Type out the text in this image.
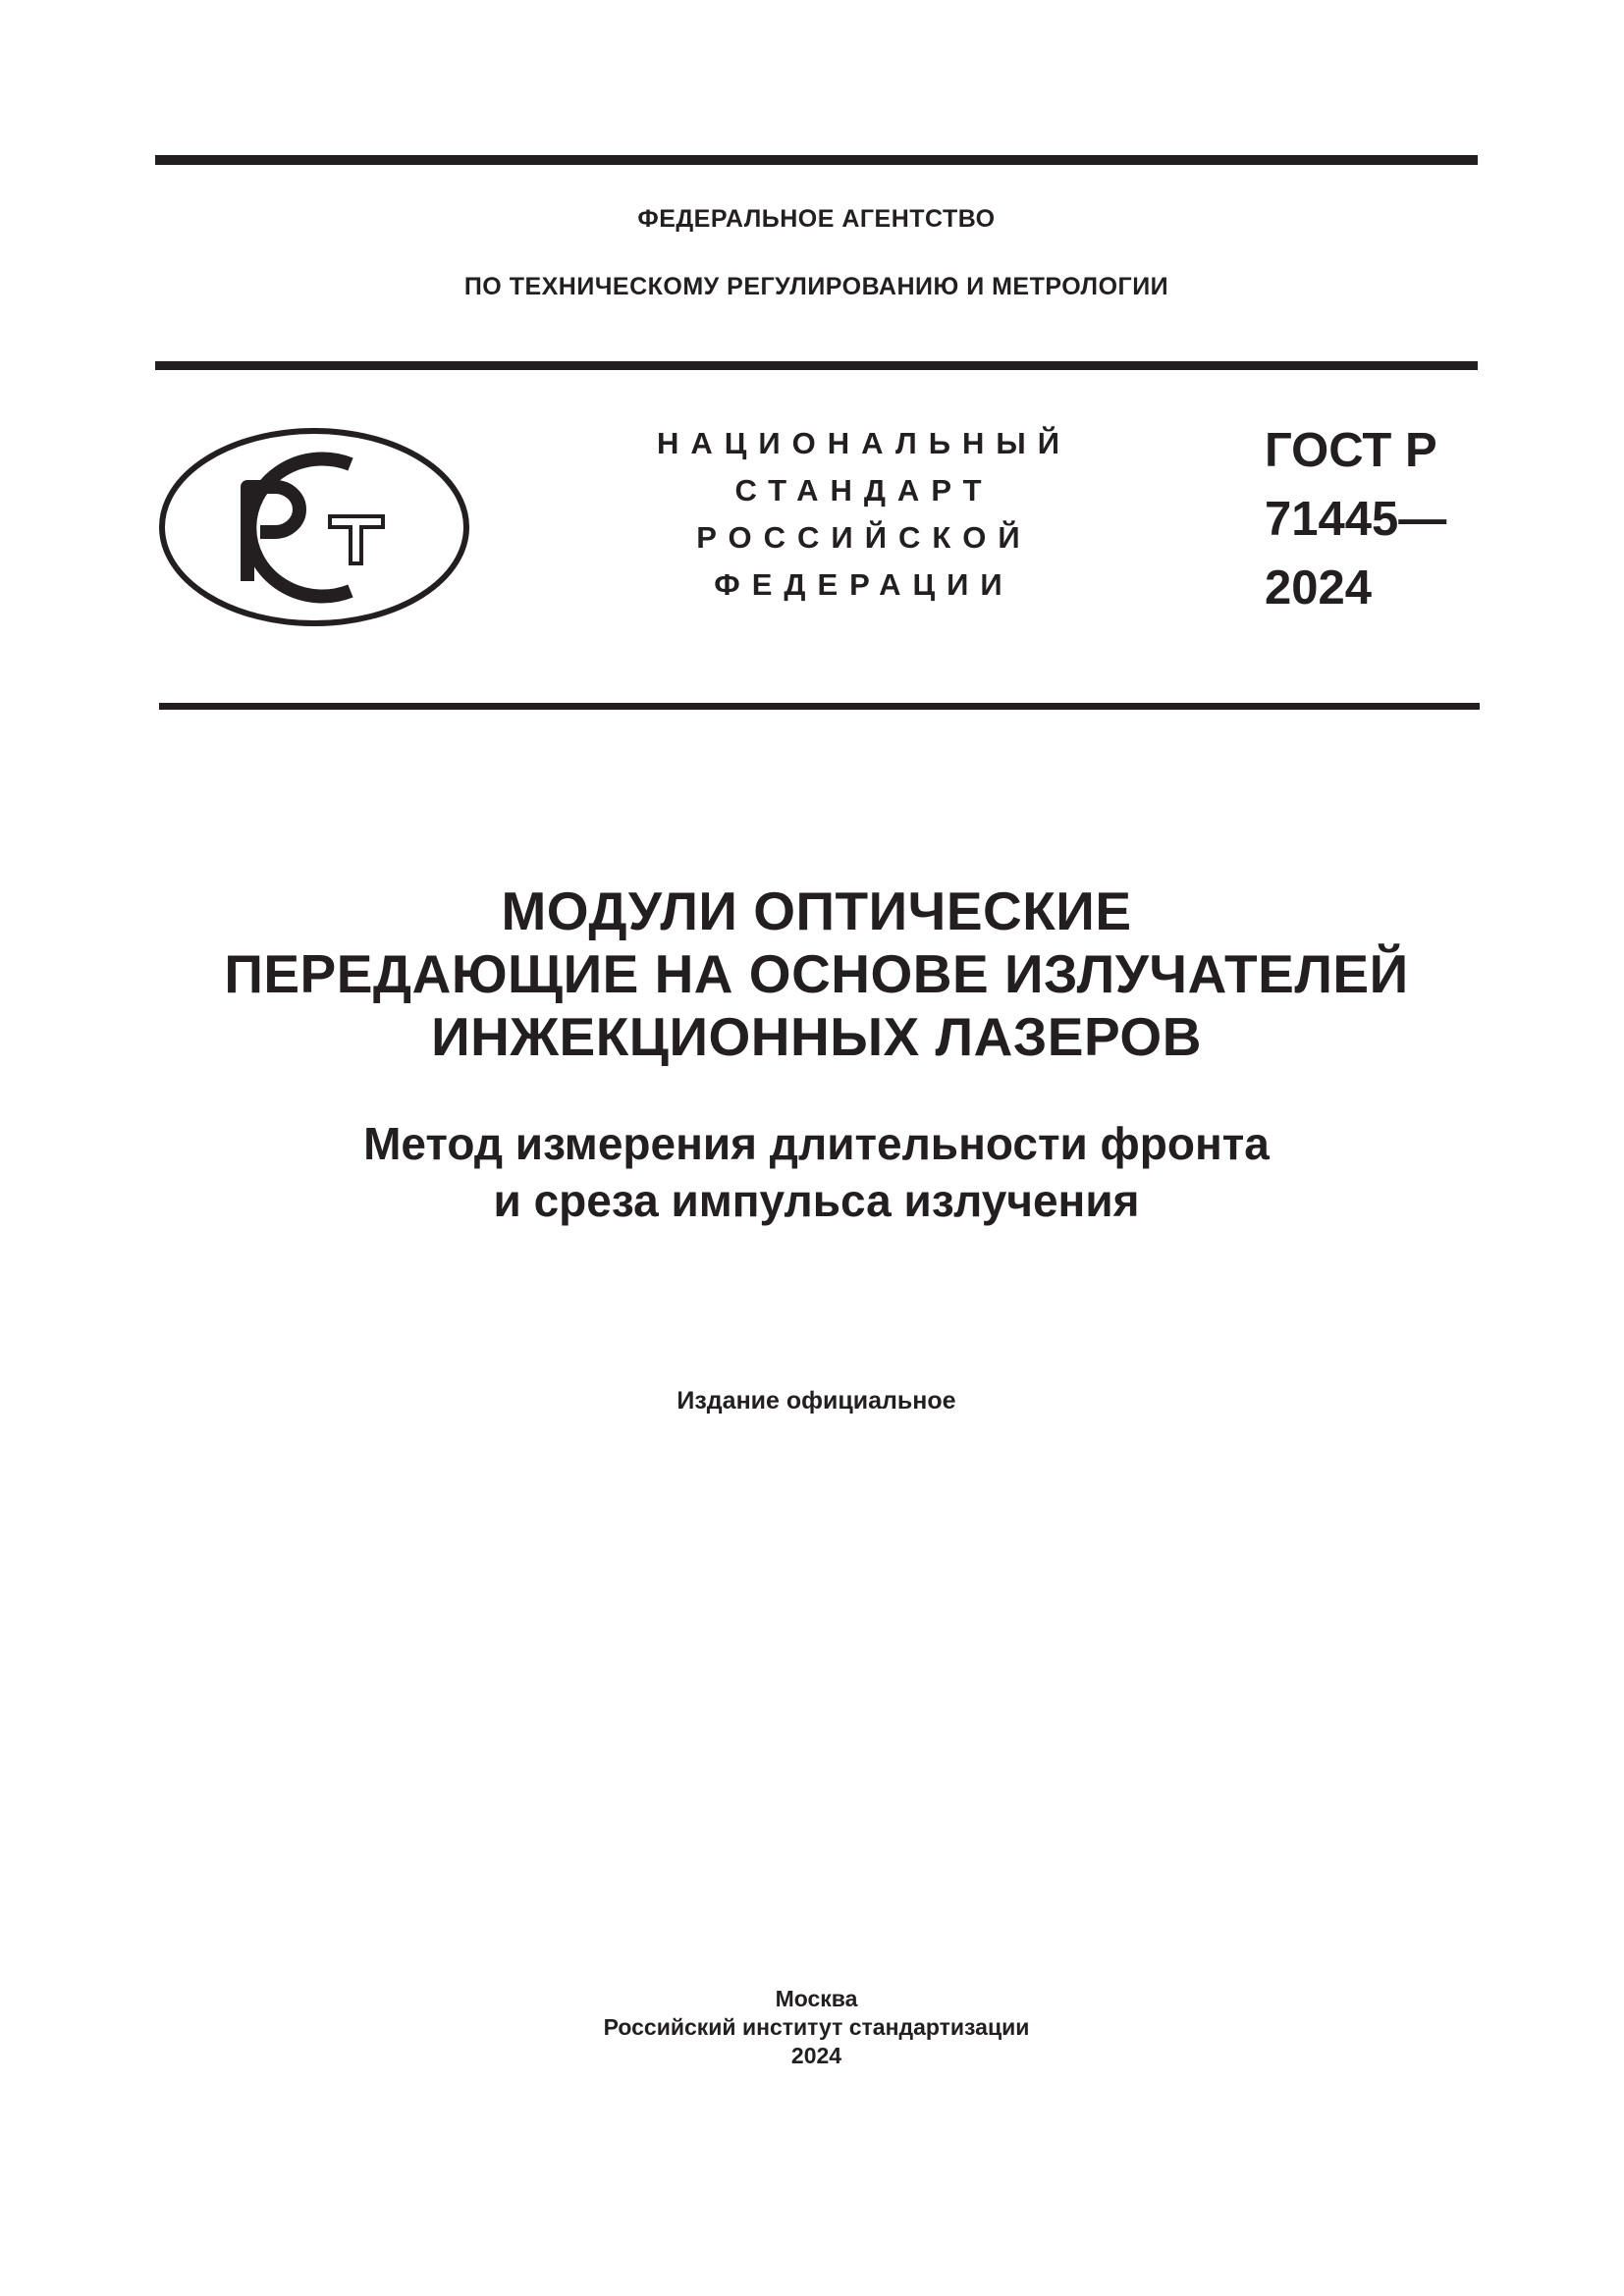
ФЕДЕРАЛЬНОЕ АГЕНТСТВО
ПО ТЕХНИЧЕСКОМУ РЕГУЛИРОВАНИЮ И МЕТРОЛОГИИ
НАЦИОНАЛЬНЫЙ
СТАНДАРТ
РОССИЙСКОЙ
ФЕДЕРАЦИИ
ГОСТ Р
71445—
2024
МОДУЛИ ОПТИЧЕСКИЕ
ПЕРЕДАЮЩИЕ НА ОСНОВЕ ИЗЛУЧАТЕЛЕЙ
ИНЖЕКЦИОННЫХ ЛАЗЕРОВ
Метод измерения длительности фронта
и среза импульса излучения
Издание официальное
Москва
Российский институт стандартизации
2024
